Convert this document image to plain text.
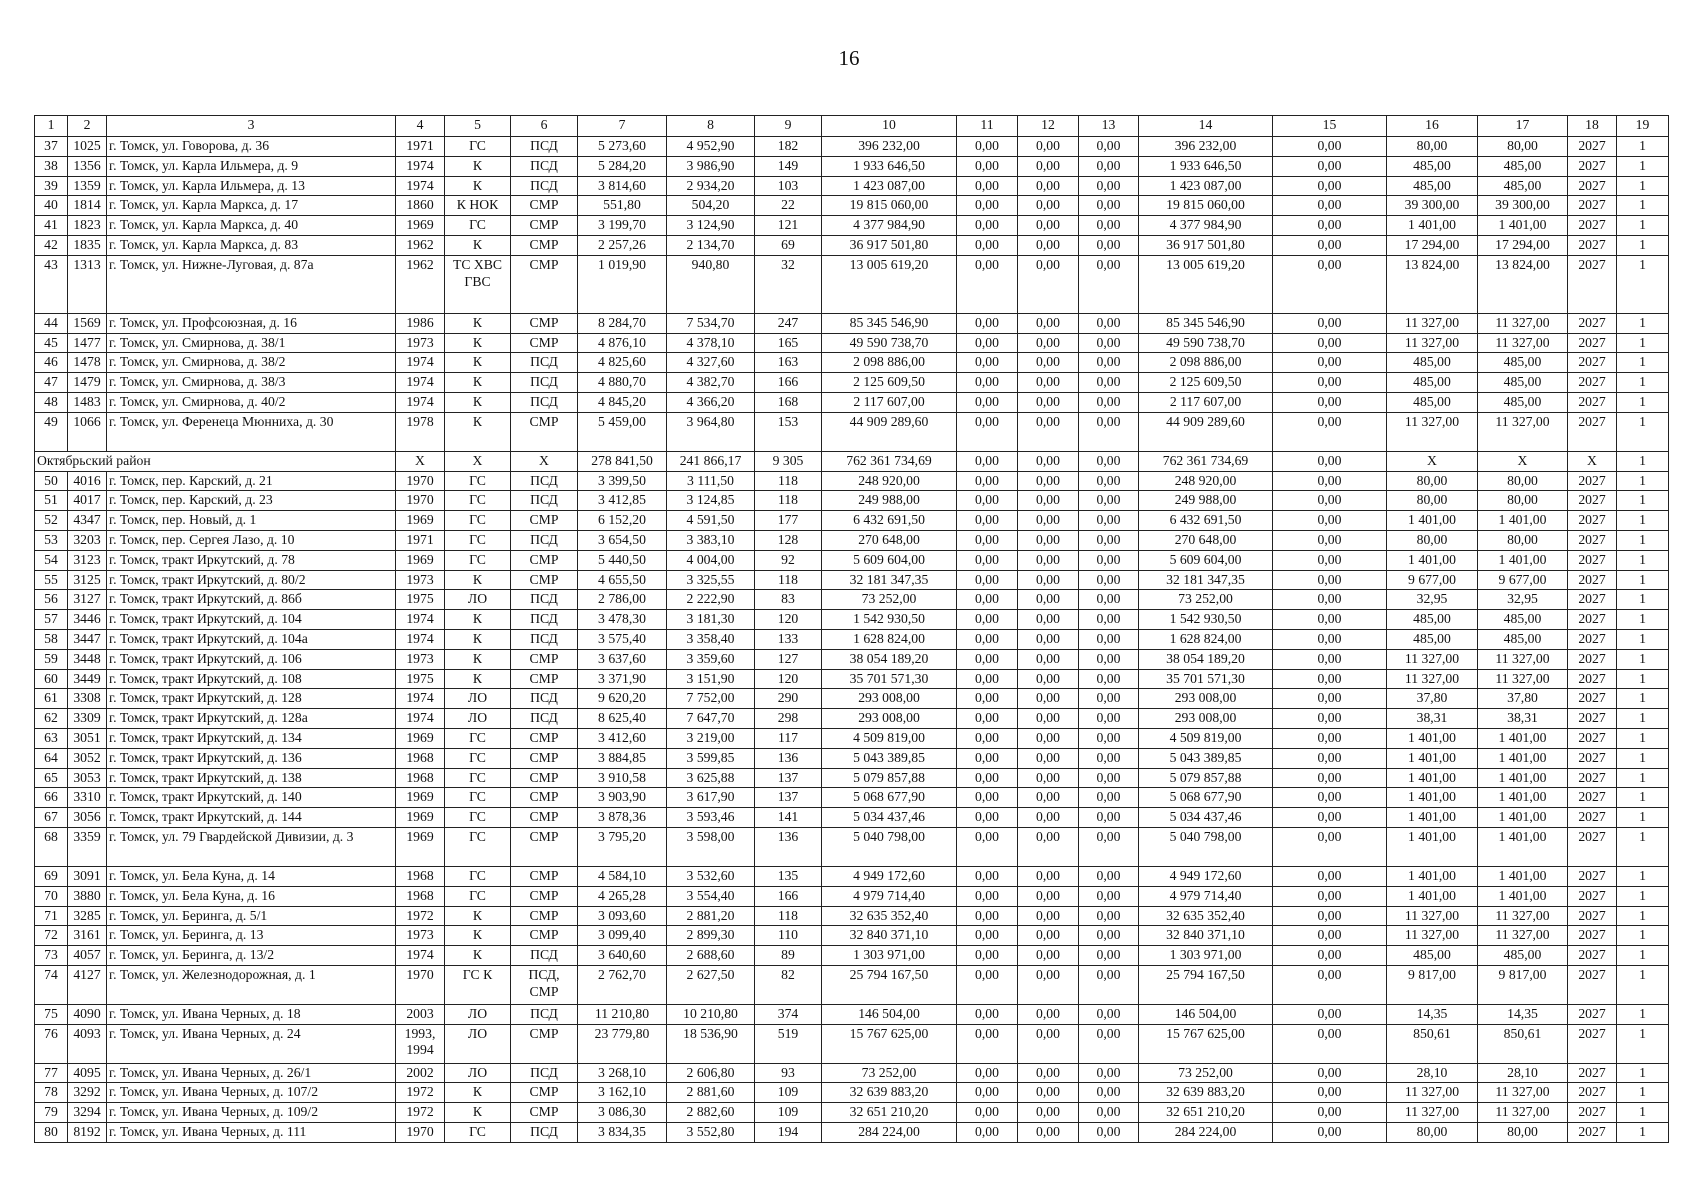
16
1	2	3	4	5	6	7	8	9	10	11	12	13	14	15	16	17	18	19
37	1025	г. Томск, ул. Говорова, д. 36	1971	ГС	ПСД	5 273,60	4 952,90	182	396 232,00	0,00	0,00	0,00	396 232,00	0,00	80,00	80,00	2027	1
38	1356	г. Томск, ул. Карла Ильмера, д. 9	1974	К	ПСД	5 284,20	3 986,90	149	1 933 646,50	0,00	0,00	0,00	1 933 646,50	0,00	485,00	485,00	2027	1
39	1359	г. Томск, ул. Карла Ильмера, д. 13	1974	К	ПСД	3 814,60	2 934,20	103	1 423 087,00	0,00	0,00	0,00	1 423 087,00	0,00	485,00	485,00	2027	1
40	1814	г. Томск, ул. Карла Маркса, д. 17	1860	К НОК	СМР	551,80	504,20	22	19 815 060,00	0,00	0,00	0,00	19 815 060,00	0,00	39 300,00	39 300,00	2027	1
41	1823	г. Томск, ул. Карла Маркса, д. 40	1969	ГС	СМР	3 199,70	3 124,90	121	4 377 984,90	0,00	0,00	0,00	4 377 984,90	0,00	1 401,00	1 401,00	2027	1
42	1835	г. Томск, ул. Карла Маркса, д. 83	1962	К	СМР	2 257,26	2 134,70	69	36 917 501,80	0,00	0,00	0,00	36 917 501,80	0,00	17 294,00	17 294,00	2027	1
43	1313	г. Томск, ул. Нижне-Луговая, д. 87а	1962	ТС ХВС ГВС	СМР	1 019,90	940,80	32	13 005 619,20	0,00	0,00	0,00	13 005 619,20	0,00	13 824,00	13 824,00	2027	1
44	1569	г. Томск, ул. Профсоюзная, д. 16	1986	К	СМР	8 284,70	7 534,70	247	85 345 546,90	0,00	0,00	0,00	85 345 546,90	0,00	11 327,00	11 327,00	2027	1
45	1477	г. Томск, ул. Смирнова, д. 38/1	1973	К	СМР	4 876,10	4 378,10	165	49 590 738,70	0,00	0,00	0,00	49 590 738,70	0,00	11 327,00	11 327,00	2027	1
46	1478	г. Томск, ул. Смирнова, д. 38/2	1974	К	ПСД	4 825,60	4 327,60	163	2 098 886,00	0,00	0,00	0,00	2 098 886,00	0,00	485,00	485,00	2027	1
47	1479	г. Томск, ул. Смирнова, д. 38/3	1974	К	ПСД	4 880,70	4 382,70	166	2 125 609,50	0,00	0,00	0,00	2 125 609,50	0,00	485,00	485,00	2027	1
48	1483	г. Томск, ул. Смирнова, д. 40/2	1974	К	ПСД	4 845,20	4 366,20	168	2 117 607,00	0,00	0,00	0,00	2 117 607,00	0,00	485,00	485,00	2027	1
49	1066	г. Томск, ул. Ференеца Мюнниха, д. 30	1978	К	СМР	5 459,00	3 964,80	153	44 909 289,60	0,00	0,00	0,00	44 909 289,60	0,00	11 327,00	11 327,00	2027	1
Октябрьский район			X	X	X	278 841,50	241 866,17	9 305	762 361 734,69	0,00	0,00	0,00	762 361 734,69	0,00	X	X	X	1
50	4016	г. Томск, пер. Карский, д. 21	1970	ГС	ПСД	3 399,50	3 111,50	118	248 920,00	0,00	0,00	0,00	248 920,00	0,00	80,00	80,00	2027	1
51	4017	г. Томск, пер. Карский, д. 23	1970	ГС	ПСД	3 412,85	3 124,85	118	249 988,00	0,00	0,00	0,00	249 988,00	0,00	80,00	80,00	2027	1
52	4347	г. Томск, пер. Новый, д. 1	1969	ГС	СМР	6 152,20	4 591,50	177	6 432 691,50	0,00	0,00	0,00	6 432 691,50	0,00	1 401,00	1 401,00	2027	1
53	3203	г. Томск, пер. Сергея Лазо, д. 10	1971	ГС	ПСД	3 654,50	3 383,10	128	270 648,00	0,00	0,00	0,00	270 648,00	0,00	80,00	80,00	2027	1
54	3123	г. Томск, тракт Иркутский, д. 78	1969	ГС	СМР	5 440,50	4 004,00	92	5 609 604,00	0,00	0,00	0,00	5 609 604,00	0,00	1 401,00	1 401,00	2027	1
55	3125	г. Томск, тракт Иркутский, д. 80/2	1973	К	СМР	4 655,50	3 325,55	118	32 181 347,35	0,00	0,00	0,00	32 181 347,35	0,00	9 677,00	9 677,00	2027	1
56	3127	г. Томск, тракт Иркутский, д. 86б	1975	ЛО	ПСД	2 786,00	2 222,90	83	73 252,00	0,00	0,00	0,00	73 252,00	0,00	32,95	32,95	2027	1
57	3446	г. Томск, тракт Иркутский, д. 104	1974	К	ПСД	3 478,30	3 181,30	120	1 542 930,50	0,00	0,00	0,00	1 542 930,50	0,00	485,00	485,00	2027	1
58	3447	г. Томск, тракт Иркутский, д. 104а	1974	К	ПСД	3 575,40	3 358,40	133	1 628 824,00	0,00	0,00	0,00	1 628 824,00	0,00	485,00	485,00	2027	1
59	3448	г. Томск, тракт Иркутский, д. 106	1973	К	СМР	3 637,60	3 359,60	127	38 054 189,20	0,00	0,00	0,00	38 054 189,20	0,00	11 327,00	11 327,00	2027	1
60	3449	г. Томск, тракт Иркутский, д. 108	1975	К	СМР	3 371,90	3 151,90	120	35 701 571,30	0,00	0,00	0,00	35 701 571,30	0,00	11 327,00	11 327,00	2027	1
61	3308	г. Томск, тракт Иркутский, д. 128	1974	ЛО	ПСД	9 620,20	7 752,00	290	293 008,00	0,00	0,00	0,00	293 008,00	0,00	37,80	37,80	2027	1
62	3309	г. Томск, тракт Иркутский, д. 128а	1974	ЛО	ПСД	8 625,40	7 647,70	298	293 008,00	0,00	0,00	0,00	293 008,00	0,00	38,31	38,31	2027	1
63	3051	г. Томск, тракт Иркутский, д. 134	1969	ГС	СМР	3 412,60	3 219,00	117	4 509 819,00	0,00	0,00	0,00	4 509 819,00	0,00	1 401,00	1 401,00	2027	1
64	3052	г. Томск, тракт Иркутский, д. 136	1968	ГС	СМР	3 884,85	3 599,85	136	5 043 389,85	0,00	0,00	0,00	5 043 389,85	0,00	1 401,00	1 401,00	2027	1
65	3053	г. Томск, тракт Иркутский, д. 138	1968	ГС	СМР	3 910,58	3 625,88	137	5 079 857,88	0,00	0,00	0,00	5 079 857,88	0,00	1 401,00	1 401,00	2027	1
66	3310	г. Томск, тракт Иркутский, д. 140	1969	ГС	СМР	3 903,90	3 617,90	137	5 068 677,90	0,00	0,00	0,00	5 068 677,90	0,00	1 401,00	1 401,00	2027	1
67	3056	г. Томск, тракт Иркутский, д. 144	1969	ГС	СМР	3 878,36	3 593,46	141	5 034 437,46	0,00	0,00	0,00	5 034 437,46	0,00	1 401,00	1 401,00	2027	1
68	3359	г. Томск, ул. 79 Гвардейской Дивизии, д. 3	1969	ГС	СМР	3 795,20	3 598,00	136	5 040 798,00	0,00	0,00	0,00	5 040 798,00	0,00	1 401,00	1 401,00	2027	1
69	3091	г. Томск, ул. Бела Куна, д. 14	1968	ГС	СМР	4 584,10	3 532,60	135	4 949 172,60	0,00	0,00	0,00	4 949 172,60	0,00	1 401,00	1 401,00	2027	1
70	3880	г. Томск, ул. Бела Куна, д. 16	1968	ГС	СМР	4 265,28	3 554,40	166	4 979 714,40	0,00	0,00	0,00	4 979 714,40	0,00	1 401,00	1 401,00	2027	1
71	3285	г. Томск, ул. Беринга, д. 5/1	1972	К	СМР	3 093,60	2 881,20	118	32 635 352,40	0,00	0,00	0,00	32 635 352,40	0,00	11 327,00	11 327,00	2027	1
72	3161	г. Томск, ул. Беринга, д. 13	1973	К	СМР	3 099,40	2 899,30	110	32 840 371,10	0,00	0,00	0,00	32 840 371,10	0,00	11 327,00	11 327,00	2027	1
73	4057	г. Томск, ул. Беринга, д. 13/2	1974	К	ПСД	3 640,60	2 688,60	89	1 303 971,00	0,00	0,00	0,00	1 303 971,00	0,00	485,00	485,00	2027	1
74	4127	г. Томск, ул. Железнодорожная, д. 1	1970	ГС К	ПСД, СМР	2 762,70	2 627,50	82	25 794 167,50	0,00	0,00	0,00	25 794 167,50	0,00	9 817,00	9 817,00	2027	1
75	4090	г. Томск, ул. Ивана Черных, д. 18	2003	ЛО	ПСД	11 210,80	10 210,80	374	146 504,00	0,00	0,00	0,00	146 504,00	0,00	14,35	14,35	2027	1
76	4093	г. Томск, ул. Ивана Черных, д. 24	1993, 1994	ЛО	СМР	23 779,80	18 536,90	519	15 767 625,00	0,00	0,00	0,00	15 767 625,00	0,00	850,61	850,61	2027	1
77	4095	г. Томск, ул. Ивана Черных, д. 26/1	2002	ЛО	ПСД	3 268,10	2 606,80	93	73 252,00	0,00	0,00	0,00	73 252,00	0,00	28,10	28,10	2027	1
78	3292	г. Томск, ул. Ивана Черных, д. 107/2	1972	К	СМР	3 162,10	2 881,60	109	32 639 883,20	0,00	0,00	0,00	32 639 883,20	0,00	11 327,00	11 327,00	2027	1
79	3294	г. Томск, ул. Ивана Черных, д. 109/2	1972	К	СМР	3 086,30	2 882,60	109	32 651 210,20	0,00	0,00	0,00	32 651 210,20	0,00	11 327,00	11 327,00	2027	1
80	8192	г. Томск, ул. Ивана Черных, д. 111	1970	ГС	ПСД	3 834,35	3 552,80	194	284 224,00	0,00	0,00	0,00	284 224,00	0,00	80,00	80,00	2027	1
